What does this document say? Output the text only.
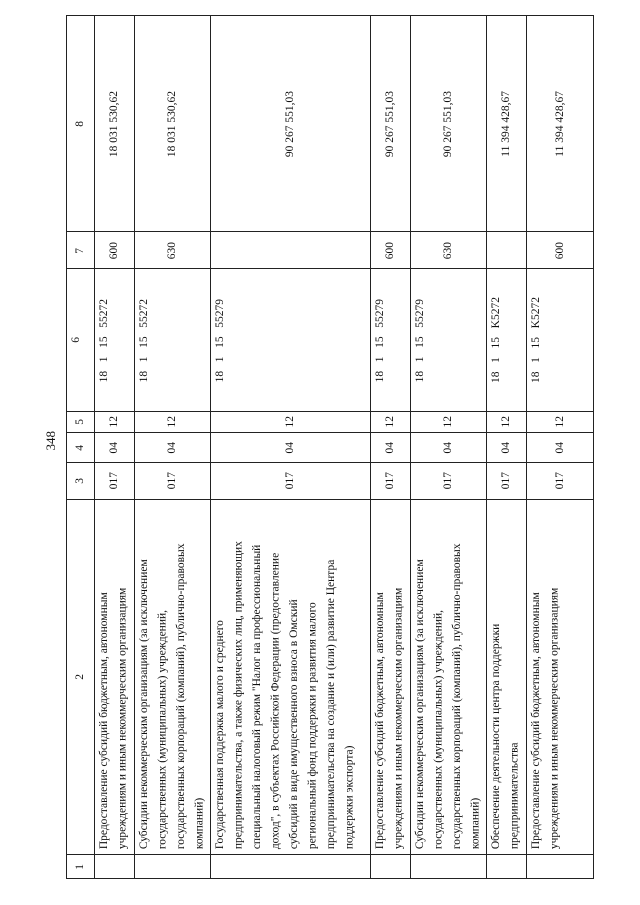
348
1
2
3
4
5
6
7
8
Предоставление субсидий бюджетным, автономным
учреждениям и иным некоммерческим организациям
017
04
12
18   1   15   55272
600
18 031 530,62
Субсидии некоммерческим организациям (за исключением
государственных (муниципальных) учреждений,
государственных корпораций (компаний), публично-правовых
компаний)
017
04
12
18   1   15   55272
630
18 031 530,62
Государственная поддержка малого и среднего
предпринимательства, а также физических лиц, применяющих
специальный налоговый режим "Налог на профессиональный
доход", в субъектах Российской Федерации (предоставление
субсидий в виде имущественного взноса в Омский
региональный фонд поддержки и развития малого
предпринимательства на создание и (или) развитие Центра
поддержки экспорта)
017
04
12
18   1   15   55279
90 267 551,03
Предоставление субсидий бюджетным, автономным
учреждениям и иным некоммерческим организациям
017
04
12
18   1   15   55279
600
90 267 551,03
Субсидии некоммерческим организациям (за исключением
государственных (муниципальных) учреждений,
государственных корпораций (компаний), публично-правовых
компаний)
017
04
12
18   1   15   55279
630
90 267 551,03
Обеспечение деятельности центра поддержки
предпринимательства
017
04
12
18   1   15   K5272
11 394 428,67
Предоставление субсидий бюджетным, автономным
учреждениям и иным некоммерческим организациям
017
04
12
18   1   15   K5272
600
11 394 428,67
